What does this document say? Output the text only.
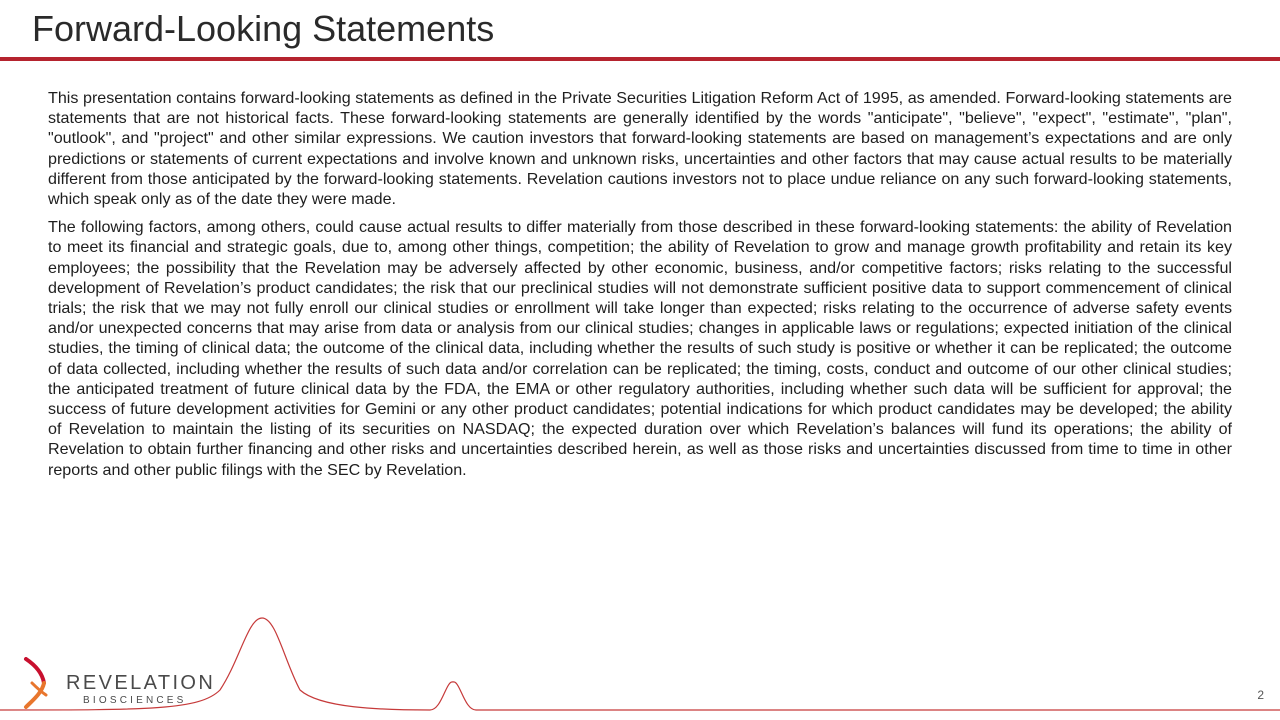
Forward-Looking Statements

This presentation contains forward-looking statements as defined in the Private Securities Litigation Reform Act of 1995, as amended. Forward-looking statements are statements that are not historical facts. These forward-looking statements are generally identified by the words "anticipate", "believe", "expect", "estimate", "plan", "outlook", and "project" and other similar expressions. We caution investors that forward-looking statements are based on management’s expectations and are only predictions or statements of current expectations and involve known and unknown risks, uncertainties and other factors that may cause actual results to be materially different from those anticipated by the forward-looking statements. Revelation cautions investors not to place undue reliance on any such forward-looking statements, which speak only as of the date they were made.

The following factors, among others, could cause actual results to differ materially from those described in these forward-looking statements: the ability of Revelation to meet its financial and strategic goals, due to, among other things, competition; the ability of Revelation to grow and manage growth profitability and retain its key employees; the possibility that the Revelation may be adversely affected by other economic, business, and/or competitive factors; risks relating to the successful development of Revelation’s product candidates; the risk that our preclinical studies will not demonstrate sufficient positive data to support commencement of clinical trials; the risk that we may not fully enroll our clinical studies or enrollment will take longer than expected; risks relating to the occurrence of adverse safety events and/or unexpected concerns that may arise from data or analysis from our clinical studies; changes in applicable laws or regulations; expected initiation of the clinical studies, the timing of clinical data; the outcome of the clinical data, including whether the results of such study is positive or whether it can be replicated; the outcome of data collected, including whether the results of such data and/or correlation can be replicated; the timing, costs, conduct and outcome of our other clinical studies; the anticipated treatment of future clinical data by the FDA, the EMA or other regulatory authorities, including whether such data will be sufficient for approval; the success of future development activities for Gemini or any other product candidates; potential indications for which product candidates may be developed; the ability of Revelation to maintain the listing of its securities on NASDAQ; the expected duration over which Revelation’s balances will fund its operations; the ability of Revelation to obtain further financing and other risks and uncertainties described herein, as well as those risks and uncertainties discussed from time to time in other reports and other public filings with the SEC by Revelation.

REVELATION
BIOSCIENCES	2
